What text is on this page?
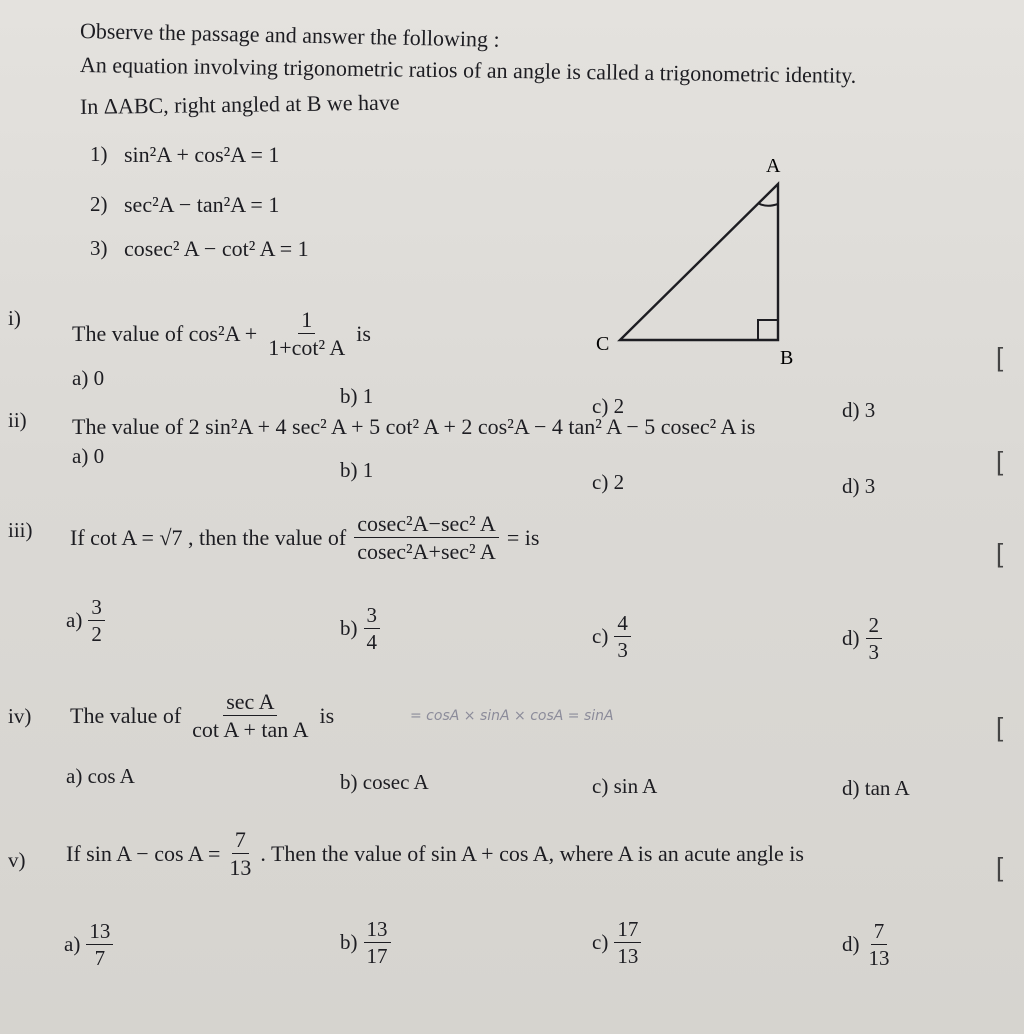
Observe the passage and answer the following :
An equation involving trigonometric ratios of an angle is called a trigonometric identity.
In ΔABC, right angled at B we have
1) sin²A + cos²A = 1
2) sec²A − tan²A = 1
3) cosec² A − cot² A = 1
A
B
C
i)
The value of $\cos^2A + \frac{1}{\text{1+cot² A}}$ is
a) 0
b) 1	c) 2	d) 3
[
ii) The value of 2 sin²A + 4 sec² A + 5 cot² A + 2 cos²A − 4 tan² A − 5 cosec² A is
a) 0
b) 1	c) 2	d) 3
[
iii) If cot A = √7 , then the value of $\frac{\text{cosec²A−sec² A}}{\text{cosec²A+sec² A}}$ = is
[
$a) \frac{3}{2}$	$b) \frac{3}{4}$	$c) \frac{4}{3}$	$d) \frac{2}{3}$
iv) The value of $\frac{\text{sec A}}{\text{cot A + tan A}}$ is	= cosA × sinA × cosA = sinA	[
a) cos A	b) cosec A	c) sin A	d) tan A
v) If $\sin A - \cos A = \frac{7}{13}$ . Then the value of sin A + cos A, where A is an acute angle is	[
$a) \frac{13}{7}$	$b) \frac{13}{17}$	$c) \frac{17}{13}$	$d) \frac{7}{13}$
